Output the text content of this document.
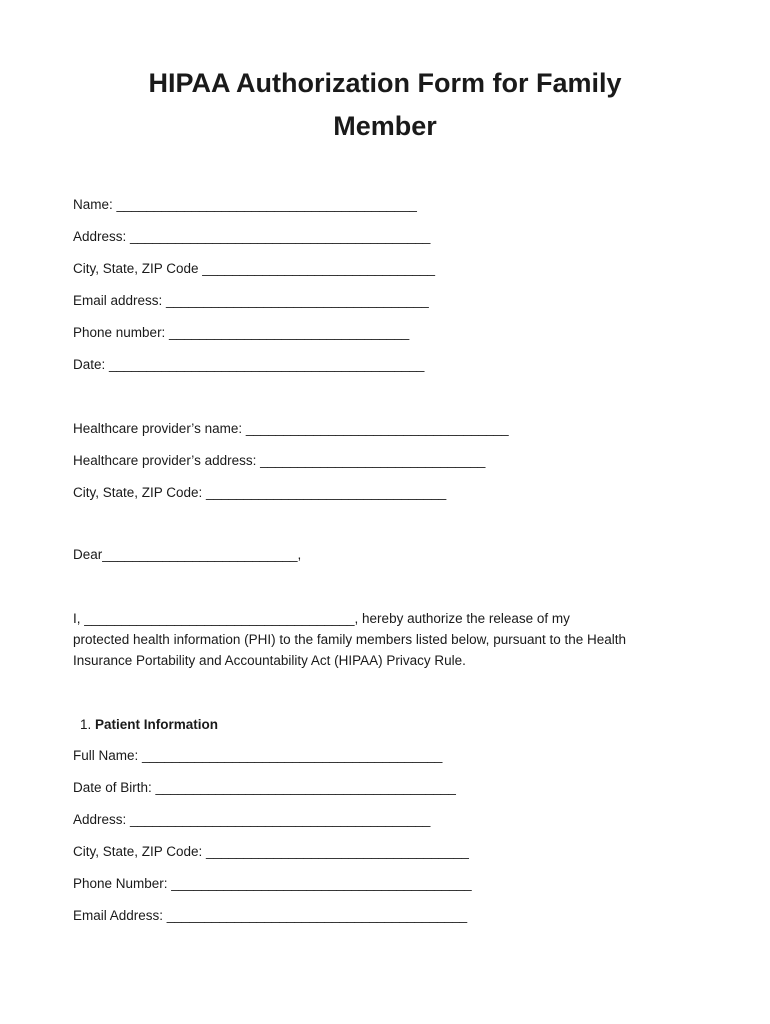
HIPAA Authorization Form for Family
Member
Name: ________________________________________
Address: ________________________________________
City, State, ZIP Code _______________________________
Email address: ___________________________________
Phone number: ________________________________
Date: __________________________________________
Healthcare provider’s name: ___________________________________
Healthcare provider’s address: ______________________________
City, State, ZIP Code: ________________________________
Dear__________________________,
I, ____________________________________, hereby authorize the release of my
protected health information (PHI) to the family members listed below, pursuant to the Health
Insurance Portability and Accountability Act (HIPAA) Privacy Rule.
1. Patient Information
Full Name: ________________________________________
Date of Birth: ________________________________________
Address: ________________________________________
City, State, ZIP Code: ___________________________________
Phone Number: ________________________________________
Email Address: ________________________________________
